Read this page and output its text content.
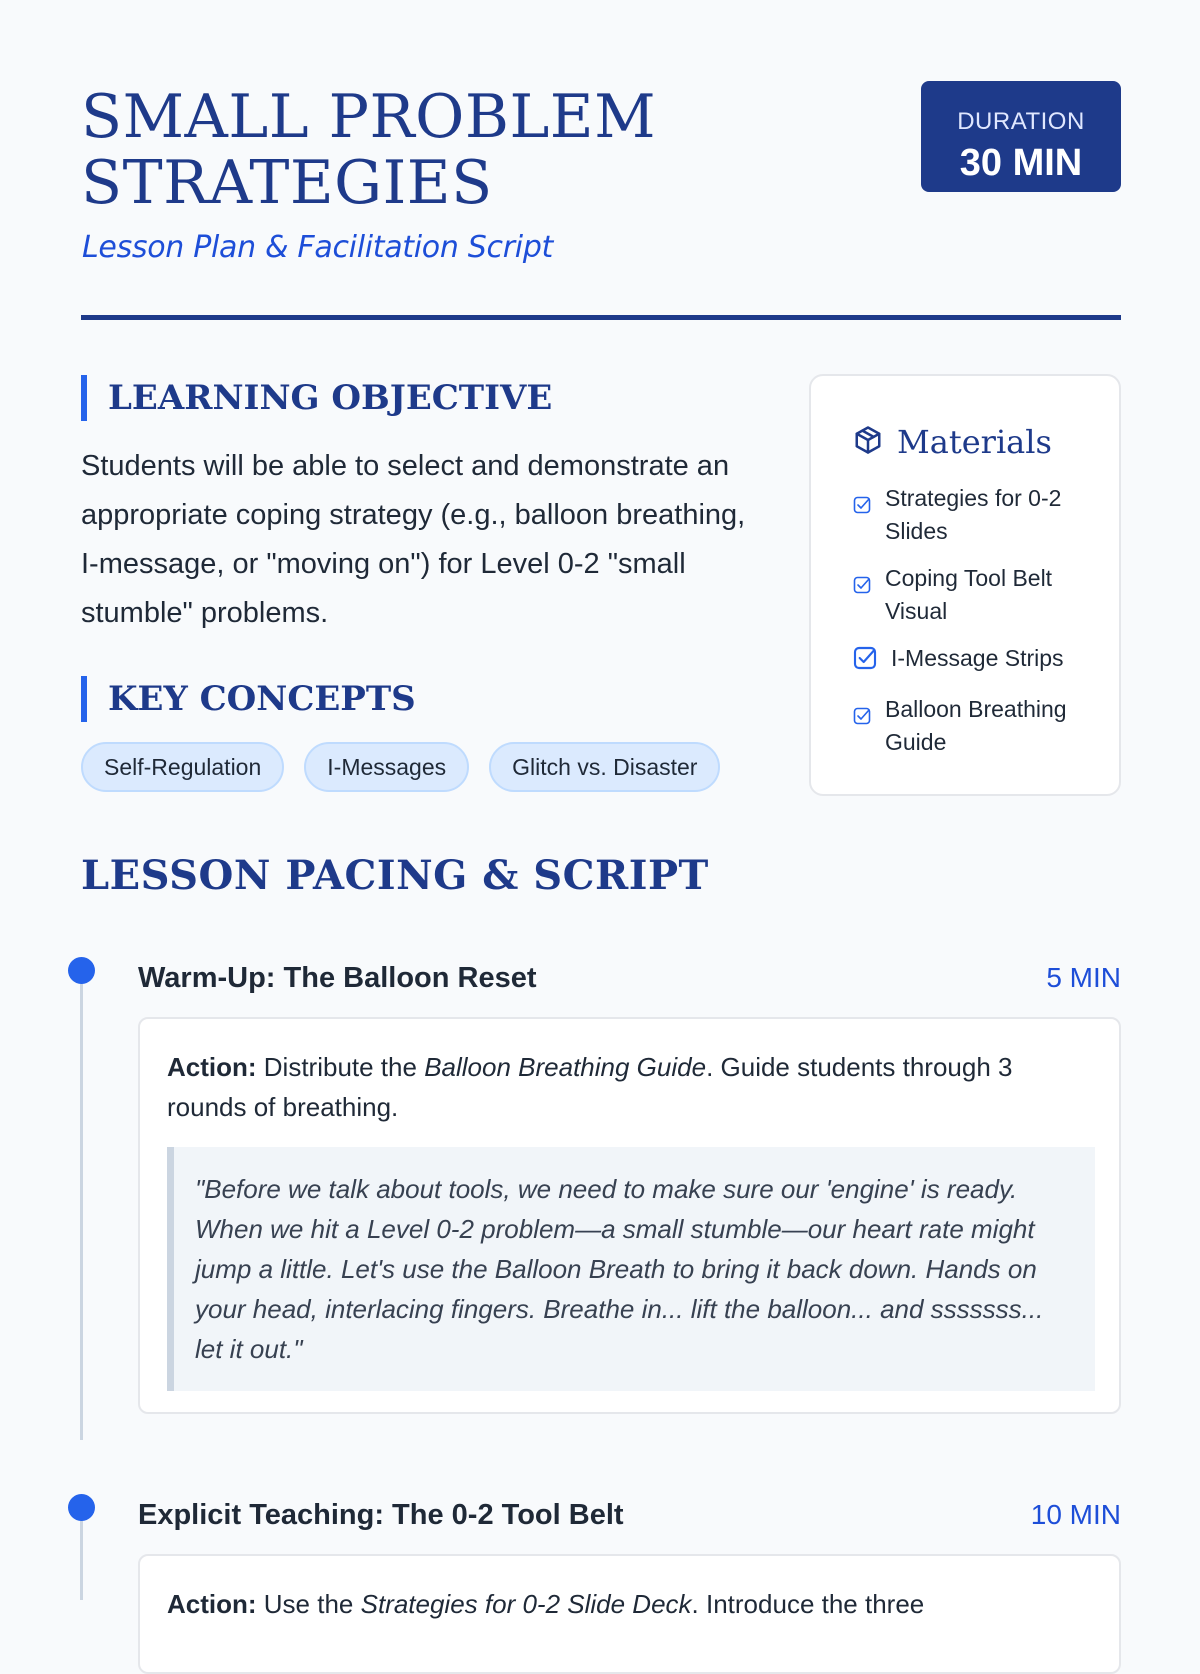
SMALL PROBLEM
STRATEGIES
Lesson Plan & Facilitation Script
DURATION
30 MIN
LEARNING OBJECTIVE

Students will be able to select and demonstrate an appropriate coping strategy (e.g., balloon breathing, I-message, or "moving on") for Level 0-2 "small stumble" problems.

KEY CONCEPTS
Self-Regulation	I-Messages	Glitch vs. Disaster
Materials
Strategies for 0-2 Slides
Coping Tool Belt Visual
I-Message Strips
Balloon Breathing Guide
LESSON PACING & SCRIPT
Warm-Up: The Balloon Reset	5 MIN

Action: Distribute the Balloon Breathing Guide. Guide students through 3 rounds of breathing.

"Before we talk about tools, we need to make sure our 'engine' is ready. When we hit a Level 0-2 problem—a small stumble—our heart rate might jump a little. Let's use the Balloon Breath to bring it back down. Hands on your head, interlacing fingers. Breathe in... lift the balloon... and sssssss... let it out."
Explicit Teaching: The 0-2 Tool Belt	10 MIN

Action: Use the Strategies for 0-2 Slide Deck. Introduce the three
